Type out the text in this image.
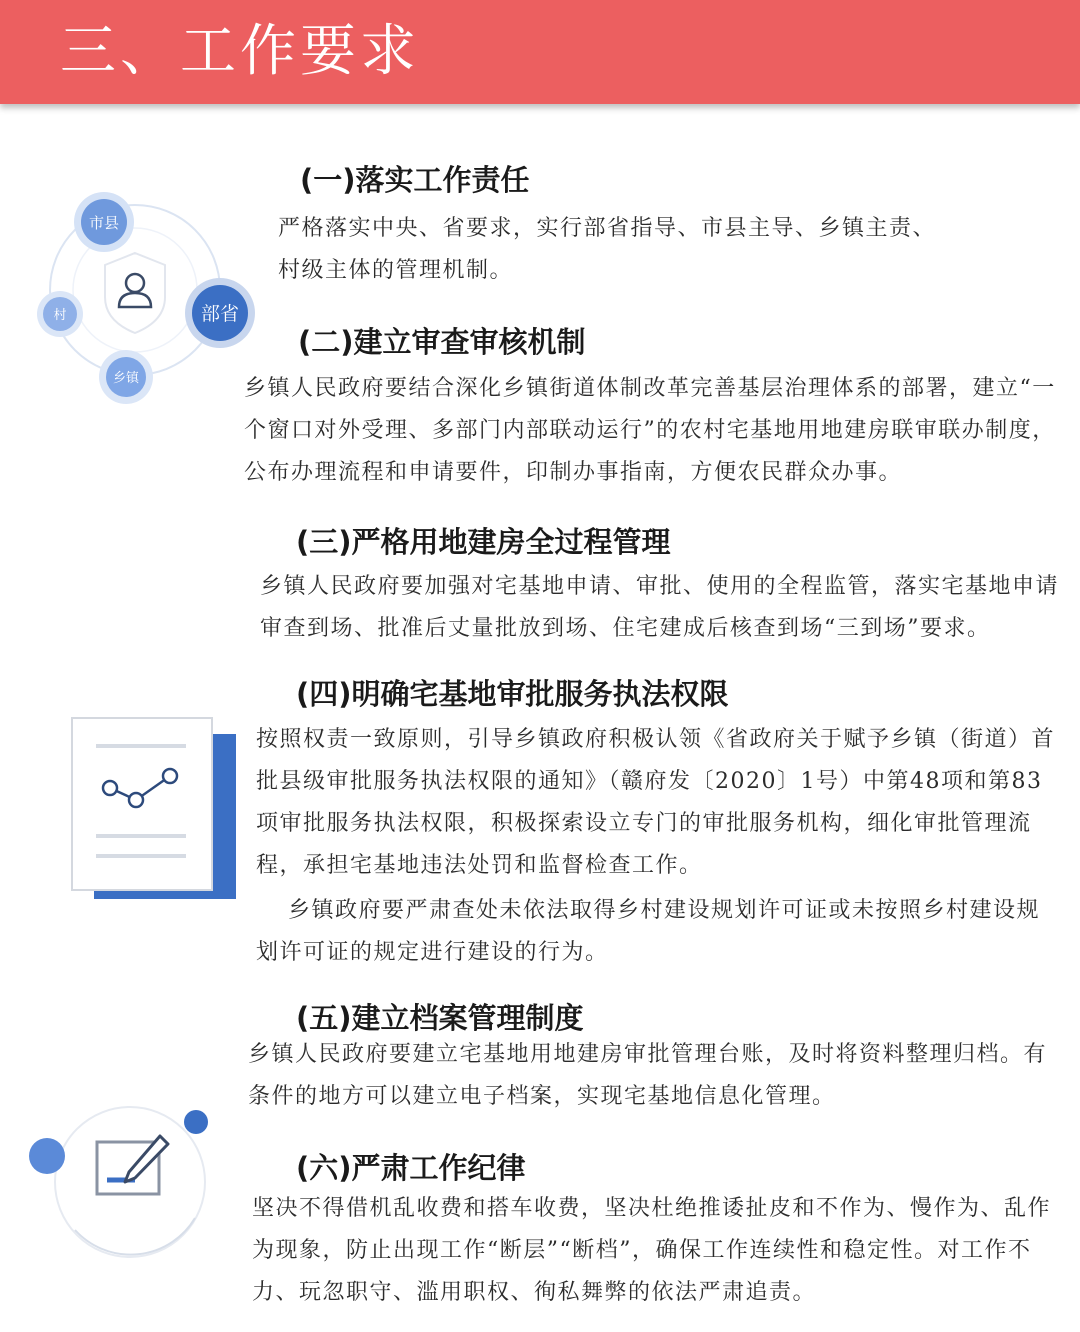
三、工作要求
市县
部省
乡镇
村
(一)落实工作责任

严格落实中央、省要求，实行部省指导、市县主导、乡镇主责、村级主体的管理机制。

(二)建立审查审核机制

乡镇人民政府要结合深化乡镇街道体制改革完善基层治理体系的部署，建立“一个窗口对外受理、多部门内部联动运行”的农村宅基地用地建房联审联办制度，公布办理流程和申请要件，印制办事指南，方便农民群众办事。

(三)严格用地建房全过程管理

乡镇人民政府要加强对宅基地申请、审批、使用的全程监管，落实宅基地申请审查到场、批准后丈量批放到场、住宅建成后核查到场“三到场”要求。

(四)明确宅基地审批服务执法权限

按照权责一致原则，引导乡镇政府积极认领《省政府关于赋予乡镇（街道）首批县级审批服务执法权限的通知》（赣府发〔2020〕1号）中第48项和第83项审批服务执法权限，积极探索设立专门的审批服务机构，细化审批管理流程，承担宅基地违法处罚和监督检查工作。

乡镇政府要严肃查处未依法取得乡村建设规划许可证或未按照乡村建设规划许可证的规定进行建设的行为。

(五)建立档案管理制度

乡镇人民政府要建立宅基地用地建房审批管理台账，及时将资料整理归档。有条件的地方可以建立电子档案，实现宅基地信息化管理。

(六)严肃工作纪律

坚决不得借机乱收费和搭车收费，坚决杜绝推诿扯皮和不作为、慢作为、乱作为现象，防止出现工作“断层”“断档”，确保工作连续性和稳定性。对工作不力、玩忽职守、滥用职权、徇私舞弊的依法严肃追责。
